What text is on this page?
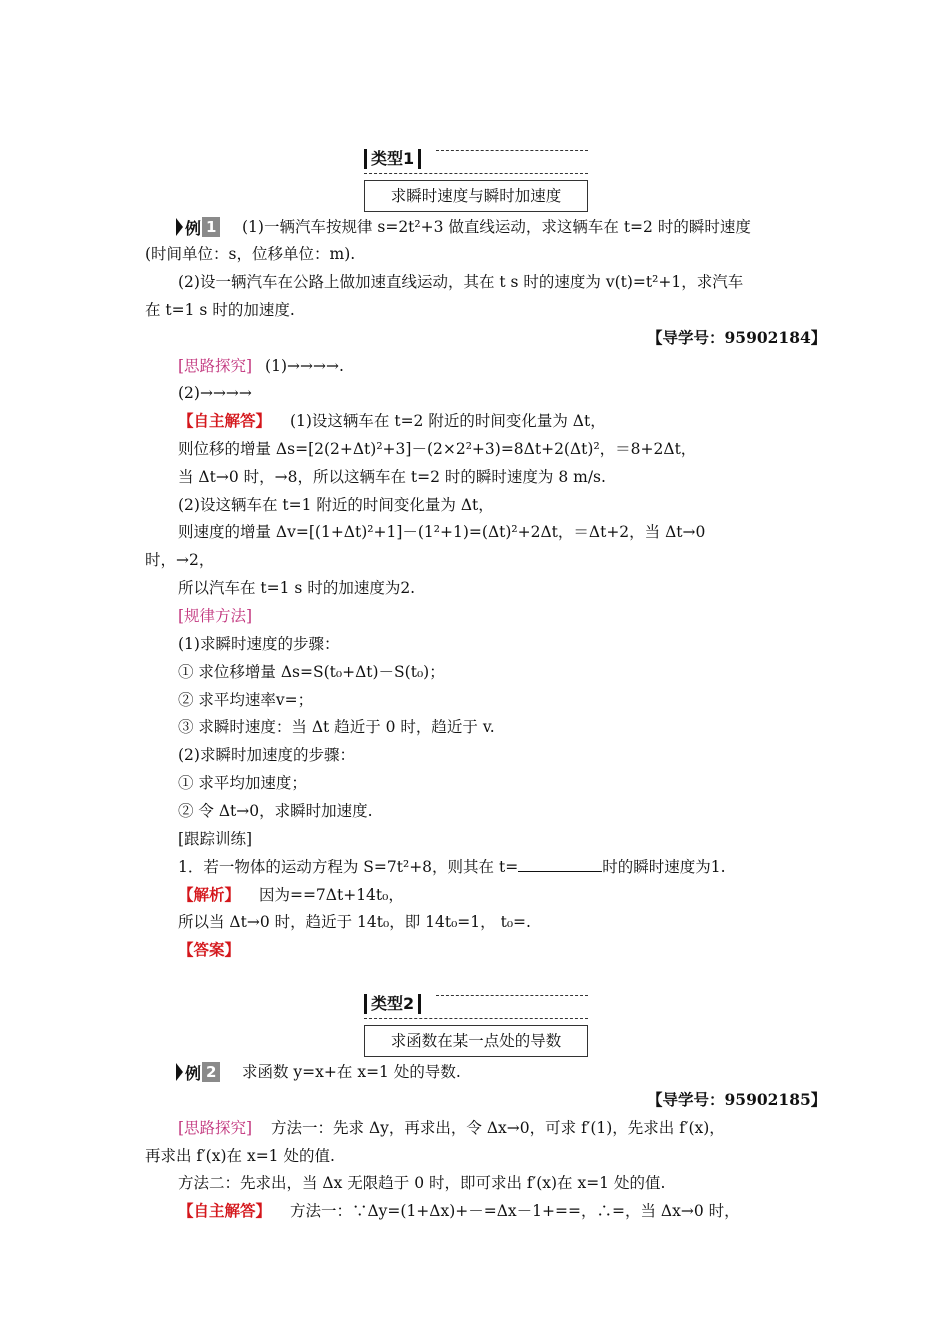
类型1
求瞬时速度与瞬时加速度
例 1 (1)一辆汽车按规律 s=2t²+3 做直线运动，求这辆车在 t=2 时的瞬时速度
(时间单位：s，位移单位：m).
(2)设一辆汽车在公路上做加速直线运动，其在 t s 时的速度为 v(t)=t²+1，求汽车
在 t=1 s 时的加速度.
【导学号：95902184】
[思路探究] (1)→→→→.
(2)→→→→
【自主解答】 (1)设这辆车在 t=2 附近的时间变化量为 Δt，
则位移的增量 Δs=[2(2+Δt)²+3]－(2×2²+3)=8Δt+2(Δt)²，＝8+2Δt，
当 Δt→0 时，→8，所以这辆车在 t=2 时的瞬时速度为 8 m/s.
(2)设这辆车在 t=1 附近的时间变化量为 Δt，
则速度的增量 Δv=[(1+Δt)²+1]－(1²+1)=(Δt)²+2Δt，＝Δt+2，当 Δt→0
时，→2，
所以汽车在 t=1 s 时的加速度为2.
[规律方法]
(1)求瞬时速度的步骤：
① 求位移增量 Δs=S(t₀+Δt)－S(t₀)；
② 求平均速率v=；
③ 求瞬时速度：当 Δt 趋近于 0 时，趋近于 v.
(2)求瞬时加速度的步骤：
① 求平均加速度；
② 令 Δt→0，求瞬时加速度.
[跟踪训练]
1．若一物体的运动方程为 S=7t²+8，则其在 t=	时的瞬时速度为1.
【解析】 因为==7Δt+14t₀，
所以当 Δt→0 时，趋近于 14t₀，即 14t₀=1， t₀=.
【答案】
类型2
求函数在某一点处的导数
例 2 求函数 y=x+在 x=1 处的导数.
【导学号：95902185】
[思路探究] 方法一：先求 Δy，再求出，令 Δx→0，可求 f′(1)，先求出 f′(x)，
再求出 f′(x)在 x=1 处的值.
方法二：先求出，当 Δx 无限趋于 0 时，即可求出 f′(x)在 x=1 处的值.
【自主解答】 方法一：∵Δy=(1+Δx)+－=Δx－1+==，∴=，当 Δx→0 时，
